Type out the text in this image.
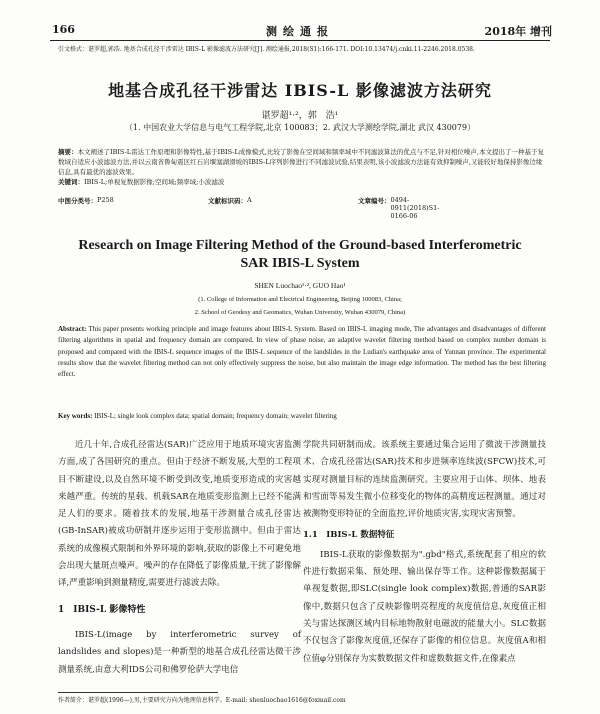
166	测绘通报	2018年 增刊
引文格式：谌罗超,郭浩. 地基合成孔径干涉雷达 IBIS-L 影像滤波方法研究[J]. 测绘通报,2018(S1):166-171. DOI:10.13474/j.cnki.11-2246.2018.0538.
地基合成孔径干涉雷达 IBIS-L 影像滤波方法研究
谌罗超¹·²，郭　浩¹
（1. 中国农业大学信息与电气工程学院,北京 100083；2. 武汉大学测绘学院,湖北 武汉 430079）
摘要：本文阐述了IBIS-L雷达工作原理和影像特性,基于IBIS-L成像模式,比较了影像在空间域和频率域中不同滤波算法的优点与不足,针对相位噪声,本文提出了一种基于复数域自适应小波滤波方法,并以云南省鲁甸震区红石岩堰塞湖滑坡的IBIS-L序列影像进行不同滤波试验,结果表明,该小波滤波方法能有效抑制噪声,又能较好地保持影像边缘信息,具有最优的滤波效果。
关键词：IBIS-L;单视复数据影像;空间域;频率域;小波滤波
中图分类号： P258	文献标识码： A	文章编号： 0494-0911(2018)S1-0166-06
Research on Image Filtering Method of the Ground-based Interferometric
SAR IBIS-L System
SHEN Luochao¹·², GUO Hao¹
(1. College of Information and Electrical Engineering, Beijing 100083, China;
2. School of Geodesy and Geomatics, Wuhan University, Wuhan 430079, China)
Abstract: This paper presents working principle and image features about IBIS-L System. Based on IBIS-L imaging mode, The advantages and disadvantages of different filtering algorithms in spatial and frequency domain are compared. In view of phase noise, an adaptive wavelet filtering method based on complex number domain is proposed and compared with the IBIS-L sequence images of the IBIS-L sequence of the landslides in the Ludian's earthquake area of Yunnan province. The experimental results show that the wavelet filtering method can not only effectively suppress the noise, but also maintain the image edge information. The method has the best filtering effect.
Key words: IBIS-L; single look complex data; spatial domain; frequency domain; wavelet filtering
近几十年,合成孔径雷达(SAR)广泛应用于地质环境灾害监测方面,成了各国研究的重点。但由于经济不断发展,大型的工程项目不断建设,以及自然环境不断受到改变,地质变形造成的灾害越来越严重。传统的星载、机载SAR在地质变形监测上已经不能满足人们的要求。随着技术的发展,地基干涉测量合成孔径雷达(GB-InSAR)被成功研制并逐步运用于变形监测中。但由于雷达系统的成像模式限制和外界环境的影响,获取的影像上不可避免地会出现大量斑点噪声。噪声的存在降低了影像质量,干扰了影像解译,严重影响到测量精度,需要进行滤波去除。
1　IBIS-L 影像特性
IBIS-L(image by interferometric survey of landslides and slopes)是一种新型的地基合成孔径雷达微干涉测量系统,由意大利IDS公司和佛罗伦萨大学电信
学院共同研制而成。该系统主要通过集合运用了微波干涉测量技术、合成孔径雷达(SAR)技术和步进频率连续波(SFCW)技术,可实现对测量目标的连续监测研究。主要应用于山体、坝体、地表和雪面等易发生微小位移变化的物体的高精度远程测量。通过对被测物变形特征的全面监控,评价地质灾害,实现灾害预警。
1.1　IBIS-L 数据特征
IBIS-L获取的影像数据为".gbd"格式,系统配套了相应的软件进行数据采集、预处理、输出保存等工作。这种影像数据属于单视复数据,即SLC(single look complex)数据,普通的SAR影像中,数据只包含了反映影像明亮程度的灰度值信息,灰度值正相关与雷达探测区域内目标地物散射电磁波的能量大小。SLC数据不仅包含了影像灰度值,还保存了影像的相位信息。灰度值A和相位值φ分别保存为实数数据文件和虚数数据文件,在像素点
作者简介：谌罗超(1996—),男,主要研究方向为地理信息科学。E-mail: shenluochao1616@foxmail.com
